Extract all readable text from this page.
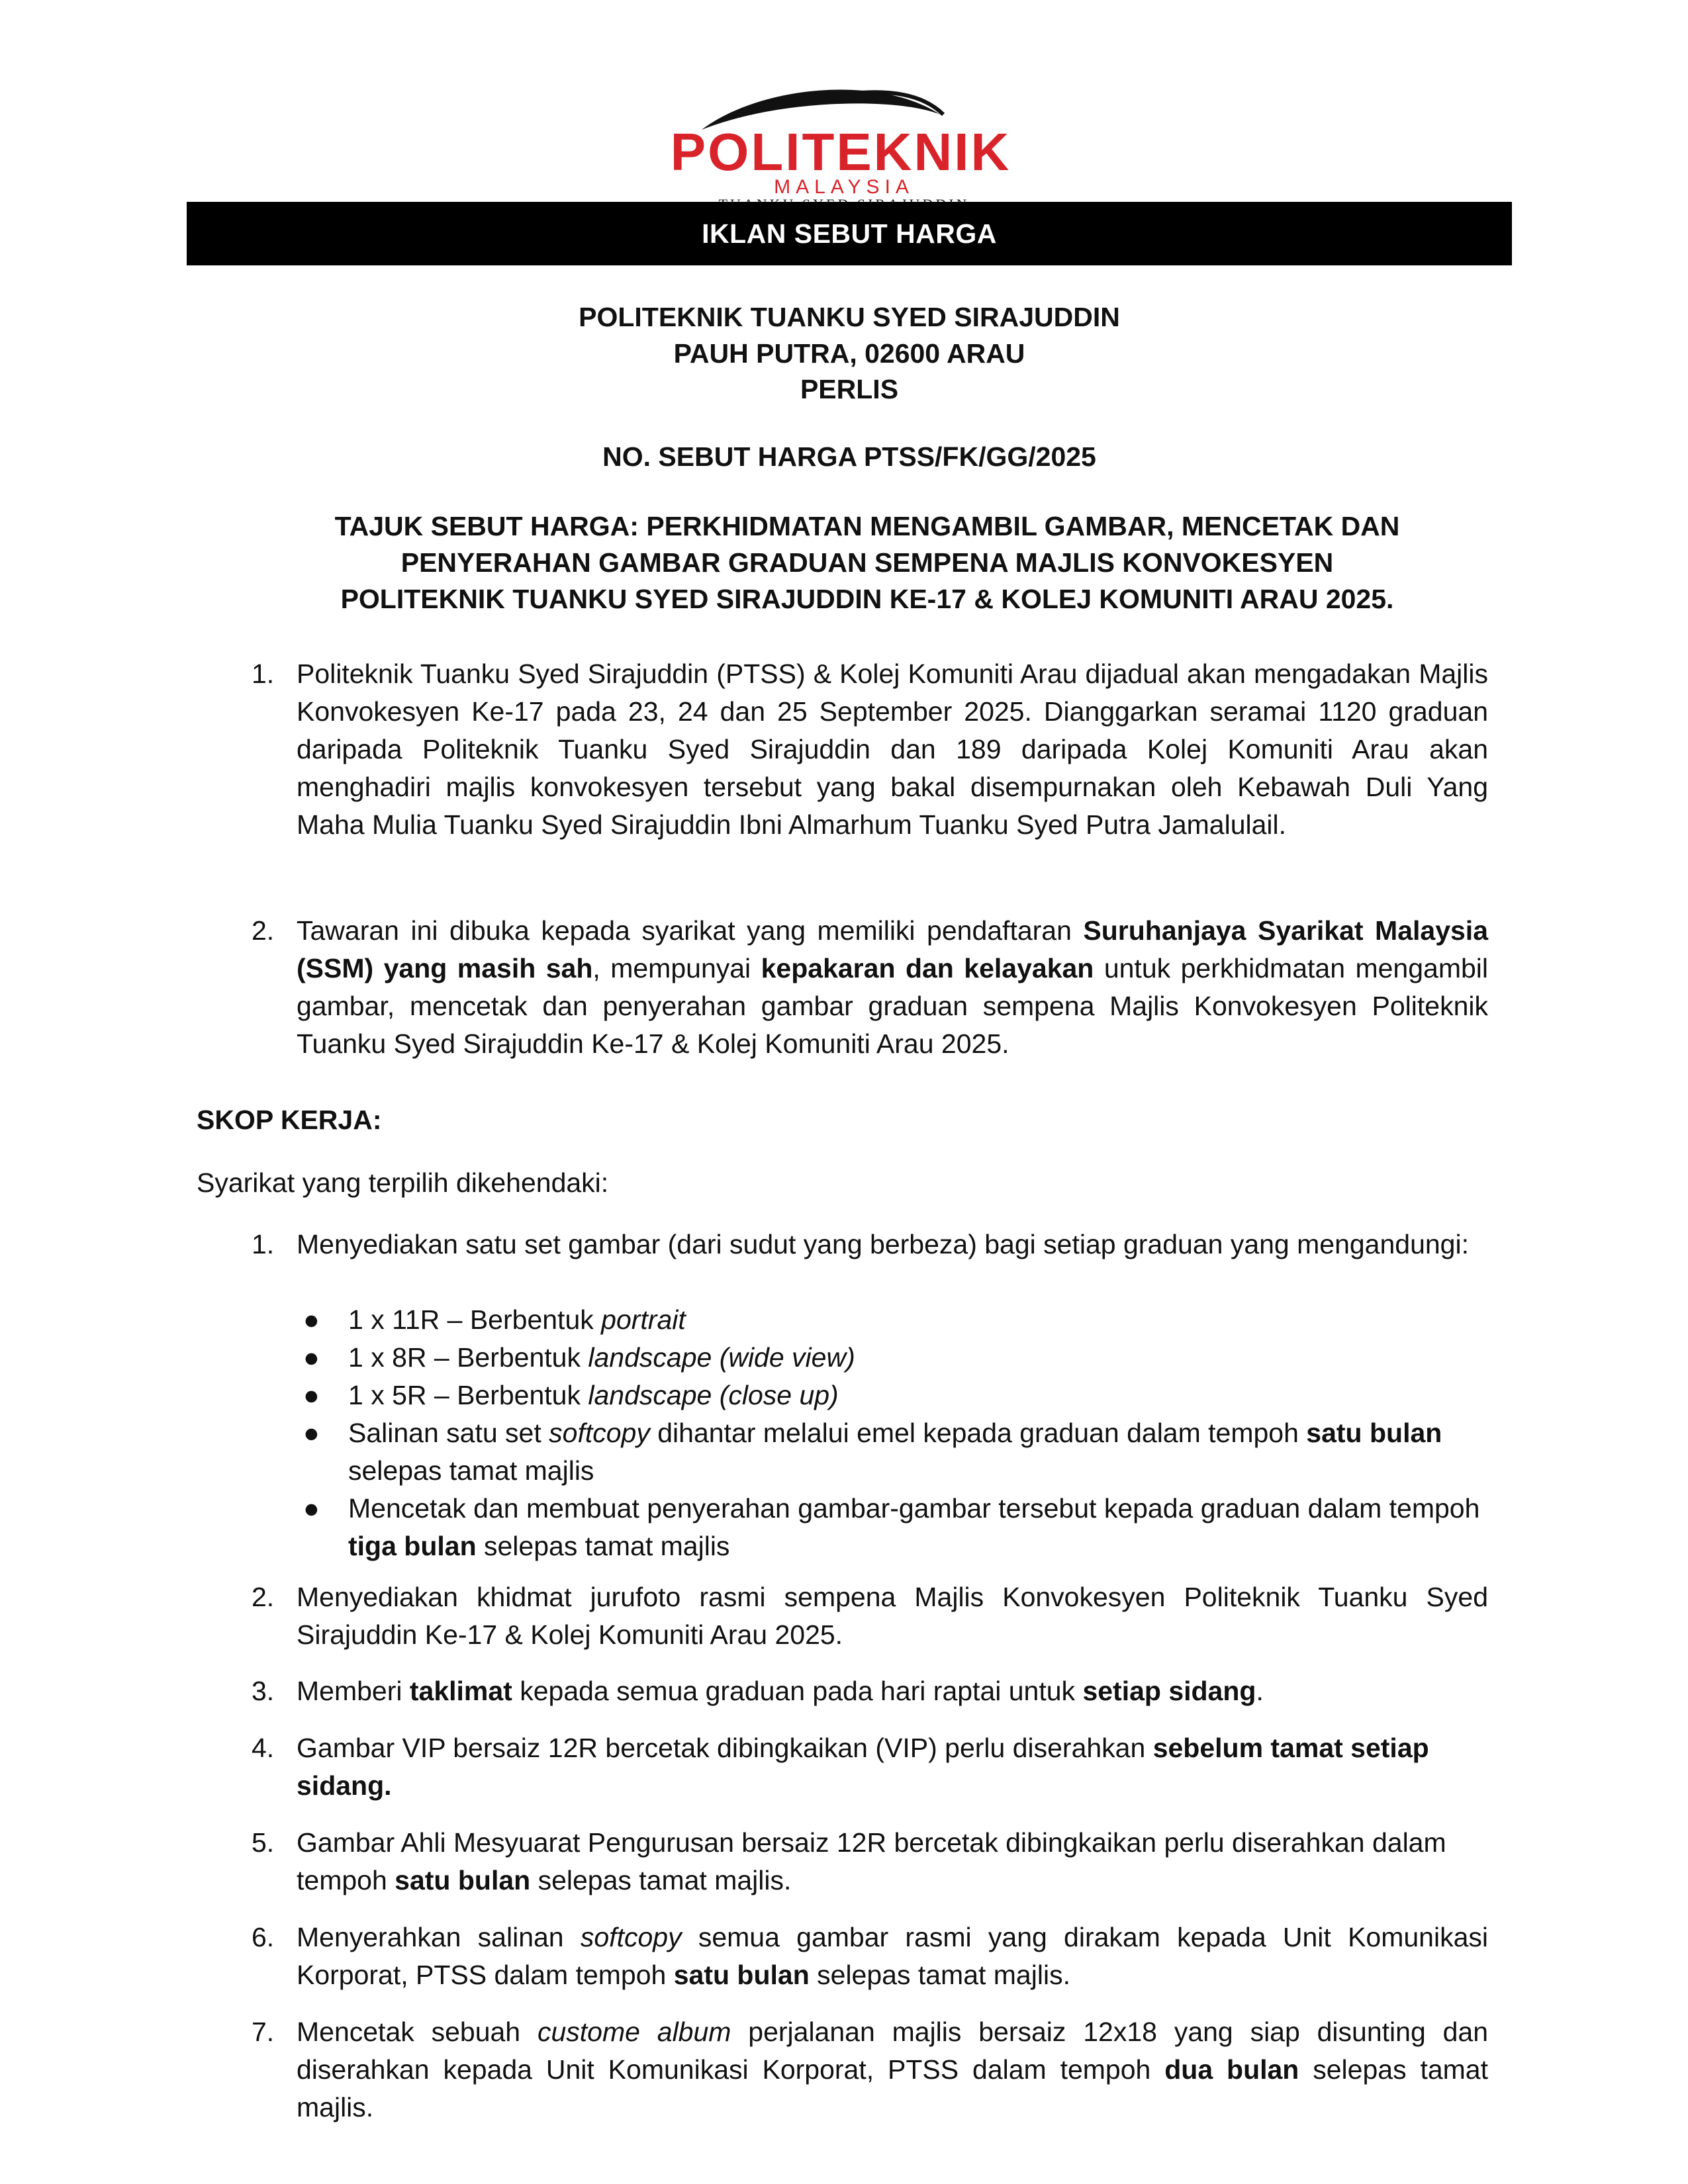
POLITEKNIK
MALAYSIA
IKLAN SEBUT HARGA
POLITEKNIK TUANKU SYED SIRAJUDDIN
PAUH PUTRA, 02600 ARAU
PERLIS
NO. SEBUT HARGA PTSS/FK/GG/2025
TAJUK SEBUT HARGA: PERKHIDMATAN MENGAMBIL GAMBAR, MENCETAK DAN
PENYERAHAN GAMBAR GRADUAN SEMPENA MAJLIS KONVOKESYEN
POLITEKNIK TUANKU SYED SIRAJUDDIN KE-17 & KOLEJ KOMUNITI ARAU 2025.
1. Politeknik Tuanku Syed Sirajuddin (PTSS) & Kolej Komuniti Arau dijadual akan mengadakan Majlis Konvokesyen Ke-17 pada 23, 24 dan 25 September 2025. Dianggarkan seramai 1120 graduan daripada Politeknik Tuanku Syed Sirajuddin dan 189 daripada Kolej Komuniti Arau akan menghadiri majlis konvokesyen tersebut yang bakal disempurnakan oleh Kebawah Duli Yang Maha Mulia Tuanku Syed Sirajuddin Ibni Almarhum Tuanku Syed Putra Jamalulail.
2. Tawaran ini dibuka kepada syarikat yang memiliki pendaftaran Suruhanjaya Syarikat Malaysia (SSM) yang masih sah, mempunyai kepakaran dan kelayakan untuk perkhidmatan mengambil gambar, mencetak dan penyerahan gambar graduan sempena Majlis Konvokesyen Politeknik Tuanku Syed Sirajuddin Ke-17 & Kolej Komuniti Arau 2025.
SKOP KERJA:
Syarikat yang terpilih dikehendaki:
1. Menyediakan satu set gambar (dari sudut yang berbeza) bagi setiap graduan yang mengandungi:
● 1 x 11R – Berbentuk portrait
● 1 x 8R – Berbentuk landscape (wide view)
● 1 x 5R – Berbentuk landscape (close up)
● Salinan satu set softcopy dihantar melalui emel kepada graduan dalam tempoh satu bulan selepas tamat majlis
● Mencetak dan membuat penyerahan gambar-gambar tersebut kepada graduan dalam tempoh tiga bulan selepas tamat majlis
2. Menyediakan khidmat jurufoto rasmi sempena Majlis Konvokesyen Politeknik Tuanku Syed Sirajuddin Ke-17 & Kolej Komuniti Arau 2025.
3. Memberi taklimat kepada semua graduan pada hari raptai untuk setiap sidang.
4. Gambar VIP bersaiz 12R bercetak dibingkaikan (VIP) perlu diserahkan sebelum tamat setiap sidang.
5. Gambar Ahli Mesyuarat Pengurusan bersaiz 12R bercetak dibingkaikan perlu diserahkan dalam tempoh satu bulan selepas tamat majlis.
6. Menyerahkan salinan softcopy semua gambar rasmi yang dirakam kepada Unit Komunikasi Korporat, PTSS dalam tempoh satu bulan selepas tamat majlis.
7. Mencetak sebuah custome album perjalanan majlis bersaiz 12x18 yang siap disunting dan diserahkan kepada Unit Komunikasi Korporat, PTSS dalam tempoh dua bulan selepas tamat majlis.
